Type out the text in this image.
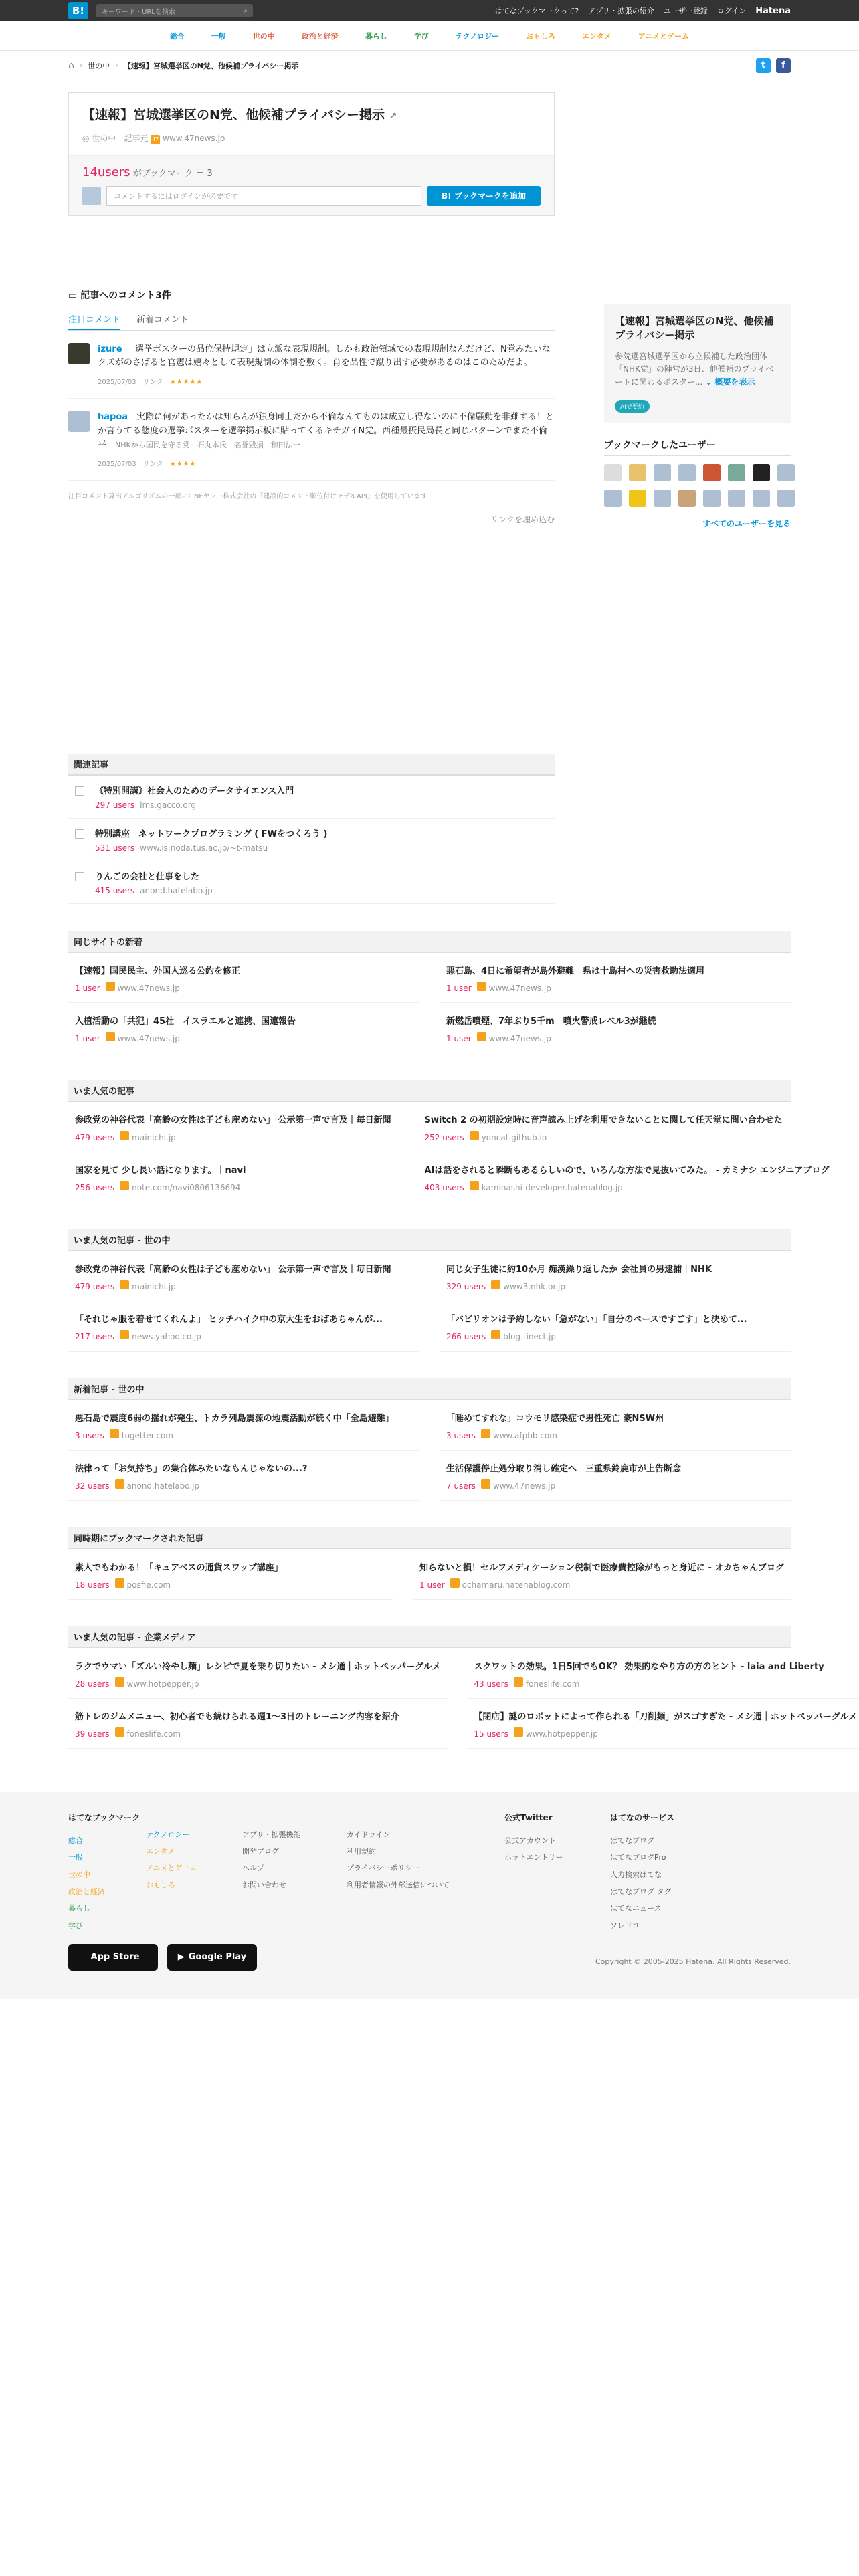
B!	キーワード・URLを検索	⌕	はてなブックマークって? アプリ・拡張の紹介 ユーザー登録 ログイン Hatena
総合	一般	世の中	政治と経済	暮らし	学び	テクノロジー	おもしろ	エンタメ	アニメとゲーム
⌂ › 世の中 › 【速報】宮城選挙区のN党、他候補プライバシー掲示	t	f
【速報】宮城選挙区のN党、他候補プライバシー掲示 ↗
◎ 世の中 記事元 47 www.47news.jp
14users がブックマーク ▭ 3
コメントするにはログインが必要です	B! ブックマークを追加
▭ 記事へのコメント3件
注目コメント 新着コメント
izure　 「選挙ポスターの品位保持規定」は立派な表現規制。しかも政治領域での表現規制なんだけど、N党みたいなクズがのさばると官憲は嬉々として表現規制の体制を敷く。肖を品性で蹴り出す必要があるのはこのためだよ。
2025/07/03　 リンク　 ★★★★★
hapoa　 実際に何があったかは知らんが独身同士だから不倫なんてものは成立し得ないのに不倫騒動を非難する！とか言うてる態度の選挙ポスターを選挙掲示板に貼ってくるキチガイN党。西種最摂民局長と同じパターンでまた不倫平　 NHKから国民を守る党　石丸本氏　名誉毀損　和田法一
2025/07/03　 リンク　 ★★★★
注目コメント算出アルゴリズムの一部にLINEヤフー株式会社の「建設的コメント順位付けモデルAPI」を使用しています
リンクを埋め込む
関連記事
《特別開講》社会人のためのデータサイエンス入門
297 users lms.gacco.org
特別講座　ネットワークプログラミング ( FWをつくろう )
531 users www.is.noda.tus.ac.jp/~t-matsu
りんごの会社と仕事をした
415 users anond.hatelabo.jp
【速報】宮城選挙区のN党、他候補プライバシー掲示
参院選宮城選挙区から立候補した政治団体「NHK党」の陣営が3日、他候補のプライベートに関わるポスター... ⌄ 概要を表示
AIで要約
ブックマークしたユーザー
すべてのユーザーを見る
同じサイトの新着
【速報】国民民主、外国人巡る公約を修正
1 user www.47news.jp
悪石島、4日に希望者が島外避難　県は十島村への災害救助法適用
1 user www.47news.jp
入植活動の「共犯」45社　イスラエルと連携、国連報告
1 user www.47news.jp
新燃岳噴煙、7年ぶり5千m　噴火警戒レベル3が継続
1 user www.47news.jp
いま人気の記事
参政党の神谷代表「高齢の女性は子ども産めない」 公示第一声で言及｜毎日新聞
479 users mainichi.jp
Switch 2 の初期設定時に音声読み上げを利用できないことに関して任天堂に問い合わせた
252 users yoncat.github.io
国家を見て 少し長い話になります。｜navi
256 users note.com/navi0806136694
AIは話をされると瞬断もあるらしいので、いろんな方法で見抜いてみた。 - カミナシ エンジニアブログ
403 users kaminashi-developer.hatenablog.jp
いま人気の記事 - 世の中
参政党の神谷代表「高齢の女性は子ども産めない」 公示第一声で言及｜毎日新聞
479 users mainichi.jp
同じ女子生徒に約10か月 痴漢繰り返したか 会社員の男逮捕｜NHK
329 users www3.nhk.or.jp
「それじゃ服を着せてくれんよ」 ヒッチハイク中の京大生をおばあちゃんが...
217 users news.yahoo.co.jp
「バビリオンは予約しない「急がない」「自分のペースですごす」と決めて...
266 users blog.tinect.jp
新着記事 - 世の中
悪石島で震度6弱の揺れが発生、トカラ列島震源の地震活動が続く中「全島避難」
3 users togetter.com
「睡めてすれな」コウモリ感染症で男性死亡 豪NSW州
3 users www.afpbb.com
法律って「お気持ち」の集合体みたいなもんじゃないの...?
32 users anond.hatelabo.jp
生活保護停止処分取り消し確定へ　三重県鈴鹿市が上告断念
7 users www.47news.jp
同時期にブックマークされた記事
素人でもわかる！「キュアベスの通貨スワップ講座」
18 users posfie.com
知らないと損！セルフメディケーション税制で医療費控除がもっと身近に - オカちゃんブログ
1 user ochamaru.hatenablog.com
いま人気の記事 - 企業メディア
ラクでウマい「ズルい冷やし麺」レシピで夏を乗り切りたい - メシ通｜ホットペッパーグルメ
28 users www.hotpepper.jp
スクワットの効果。1日5回でもOK？ 効果的なやり方の方のヒント - laia and Liberty
43 users foneslife.com
筋トレのジムメニュー、初心者でも続けられる週1〜3日のトレーニング内容を紹介
39 users foneslife.com
【閉店】謎のロボットによって作られる「刀削麺」がスゴすぎた - メシ通｜ホットペッパーグルメ
15 users www.hotpepper.jp
はてなブックマーク
総合
一般
世の中
政治と経済
暮らし
学び
テクノロジー
エンタメ
アニメとゲーム
おもしろ
アプリ・拡張機能
開発ブログ
ヘルプ
お問い合わせ
ガイドライン
利用規約
プライバシーポリシー
利用者情報の外部送信について
公式Twitter
公式アカウント
ホットエントリー
はてなのサービス
はてなブログ
はてなブログPro
人力検索はてな
はてなブログ タグ
はてなニュース
ソレドコ
App Store	▶ Google Play	Copyright © 2005-2025 Hatena. All Rights Reserved.
